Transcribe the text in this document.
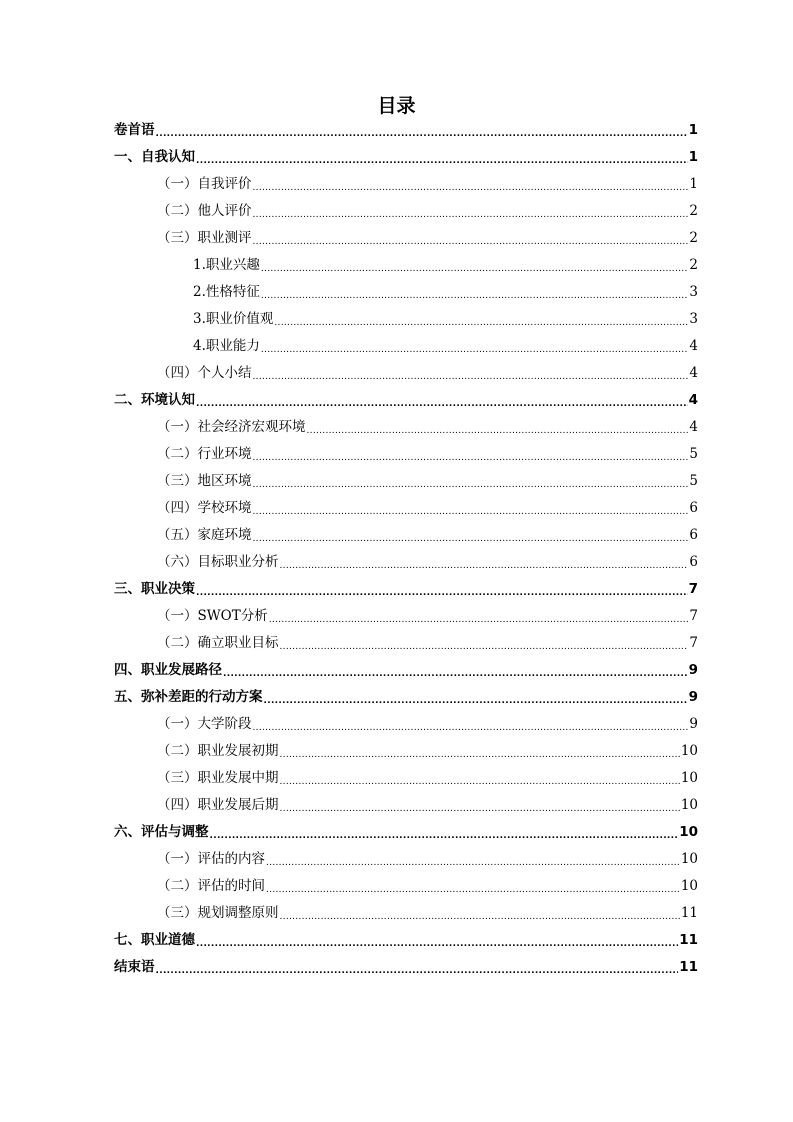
目录
卷首语 .....	1
一、自我认知 .....	1
（一）自我评价 .....	1
（二）他人评价 .....	2
（三）职业测评 .....	2
1.职业兴趣 .....	2
2.性格特征 .....	3
3.职业价值观 .....	3
4.职业能力 .....	4
（四）个人小结 .....	4
二、环境认知 .....	4
（一）社会经济宏观环境 .....	4
（二）行业环境 .....	5
（三）地区环境 .....	5
（四）学校环境 .....	6
（五）家庭环境 .....	6
（六）目标职业分析 .....	6
三、职业决策 .....	7
（一）SWOT分析 .....	7
（二）确立职业目标 .....	7
四、职业发展路径 .....	9
五、弥补差距的行动方案 .....	9
（一）大学阶段 .....	9
（二）职业发展初期 .....	10
（三）职业发展中期 .....	10
（四）职业发展后期 .....	10
六、评估与调整 .....	10
（一）评估的内容 .....	10
（二）评估的时间 .....	10
（三）规划调整原则 .....	11
七、职业道德 .....	11
结束语 .....	11
